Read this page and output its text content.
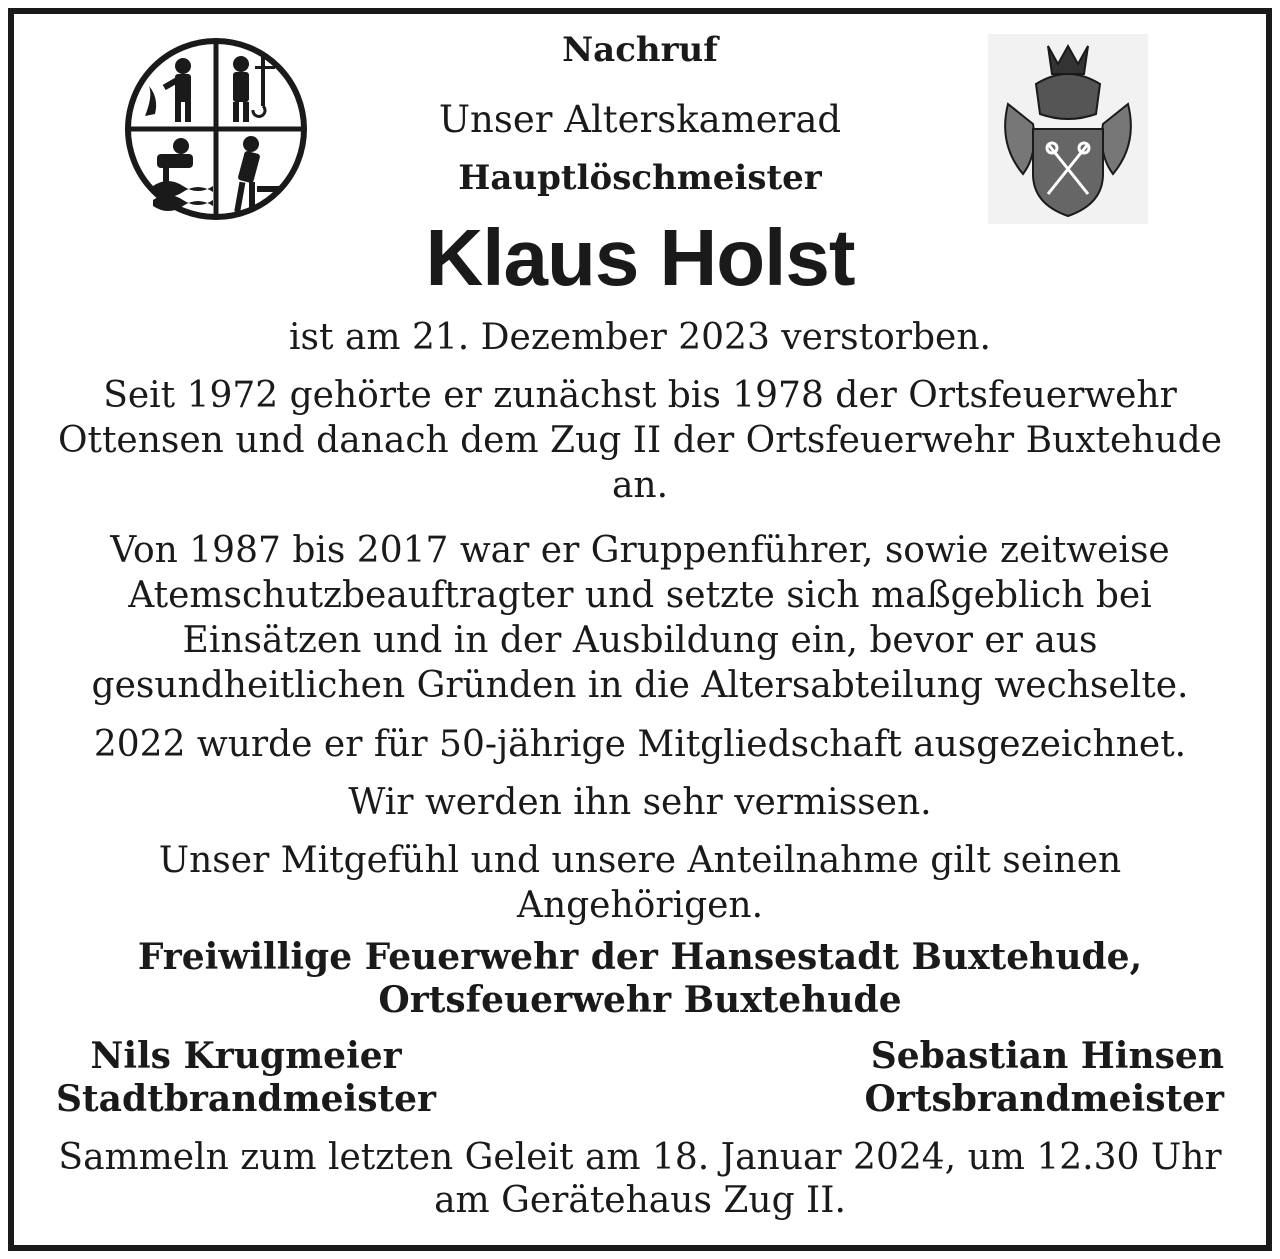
Nachruf
Unser Alterskamerad
Hauptlöschmeister
Klaus Holst
ist am 21. Dezember 2023 verstorben.
Seit 1972 gehörte er zunächst bis 1978 der Ortsfeuerwehr Ottensen und danach dem Zug II der Ortsfeuerwehr Buxtehude an.
Von 1987 bis 2017 war er Gruppenführer, sowie zeitweise Atemschutzbeauftragter und setzte sich maßgeblich bei Einsätzen und in der Ausbildung ein, bevor er aus gesundheitlichen Gründen in die Altersabteilung wechselte.
2022 wurde er für 50-jährige Mitgliedschaft ausgezeichnet.
Wir werden ihn sehr vermissen.
Unser Mitgefühl und unsere Anteilnahme gilt seinen Angehörigen.
Freiwillige Feuerwehr der Hansestadt Buxtehude,
Ortsfeuerwehr Buxtehude
Nils Krugmeier
Stadtbrandmeister
Sebastian Hinsen
Ortsbrandmeister
Sammeln zum letzten Geleit am 18. Januar 2024, um 12.30 Uhr am Gerätehaus Zug II.
